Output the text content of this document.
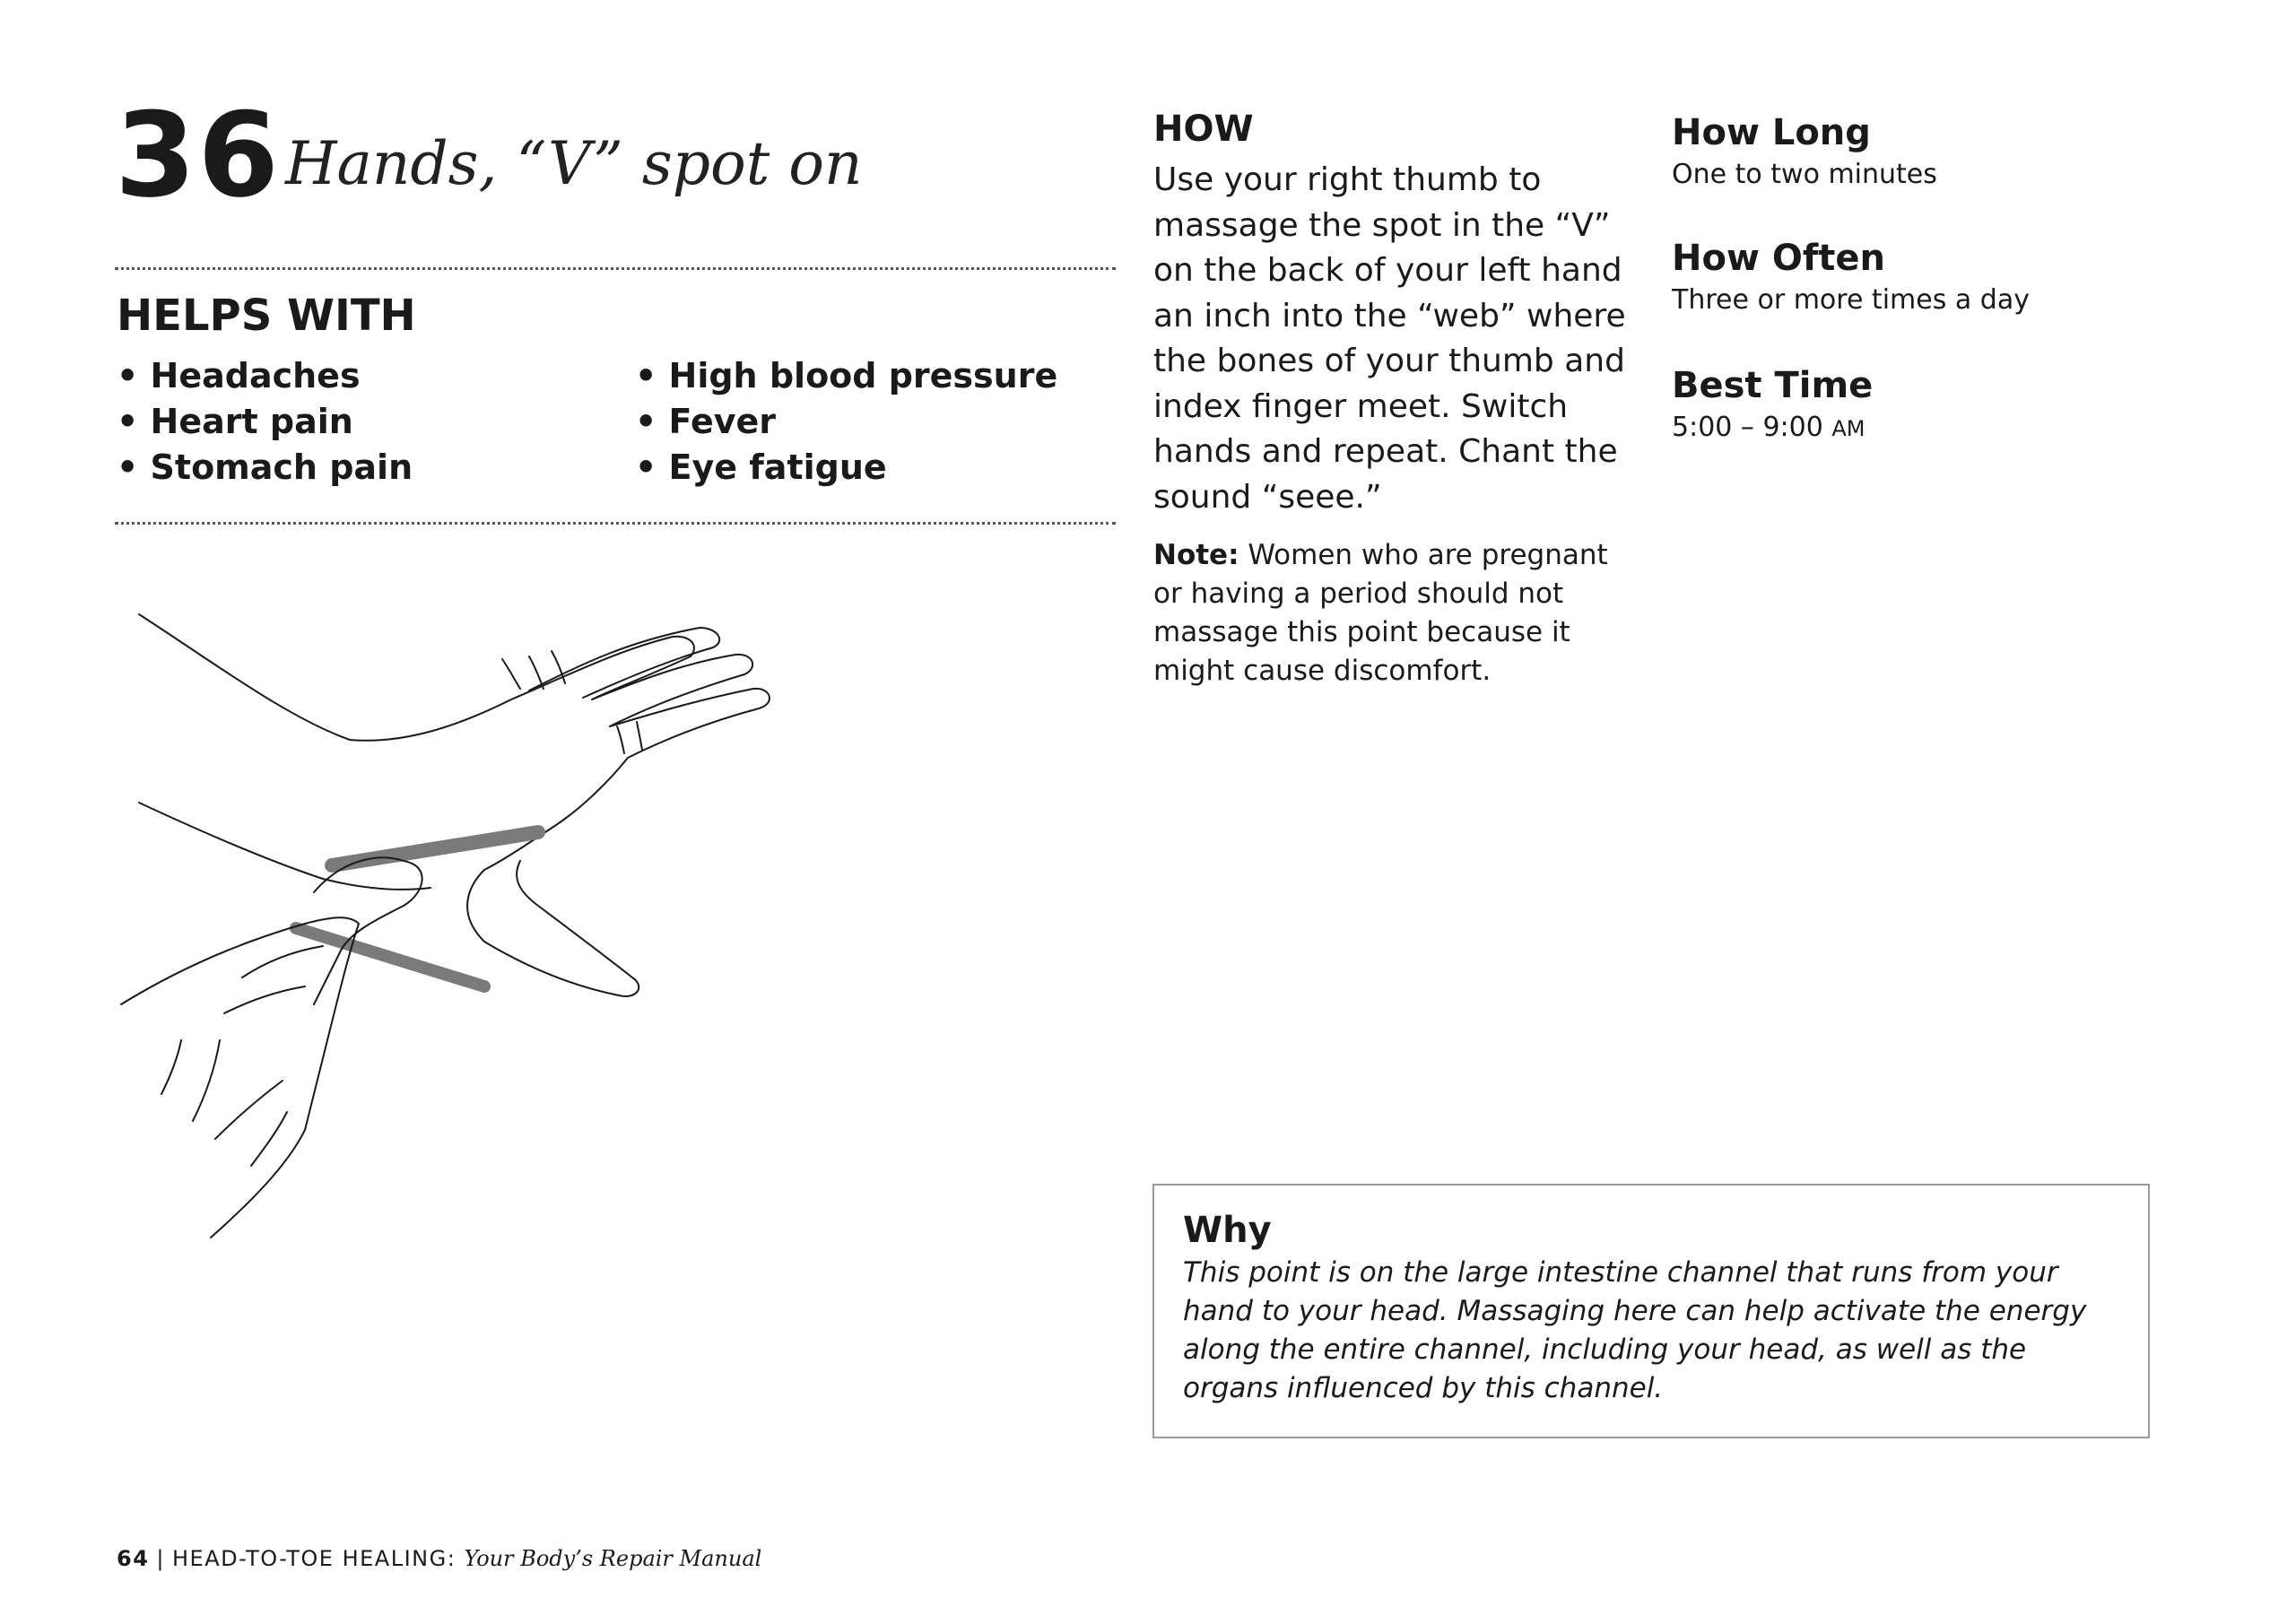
36 Hands, “V” spot on
HELPS WITH
• Headaches
• Heart pain
• Stomach pain
• High blood pressure
• Fever
• Eye fatigue
HOW

Use your right thumb to massage the spot in the “V” on the back of your left hand an inch into the “web” where the bones of your thumb and index finger meet. Switch hands and repeat. Chant the sound “seee.”

Note: Women who are pregnant or having a period should not massage this point because it might cause discomfort.

How Long
One to two minutes
How Often
Three or more times a day
Best Time
5:00 – 9:00 AM
Why

This point is on the large intestine channel that runs from your hand to your head. Massaging here can help activate the energy along the entire channel, including your head, as well as the organs influenced by this channel.

64 | HEAD-TO-TOE HEALING: Your Body’s Repair Manual
